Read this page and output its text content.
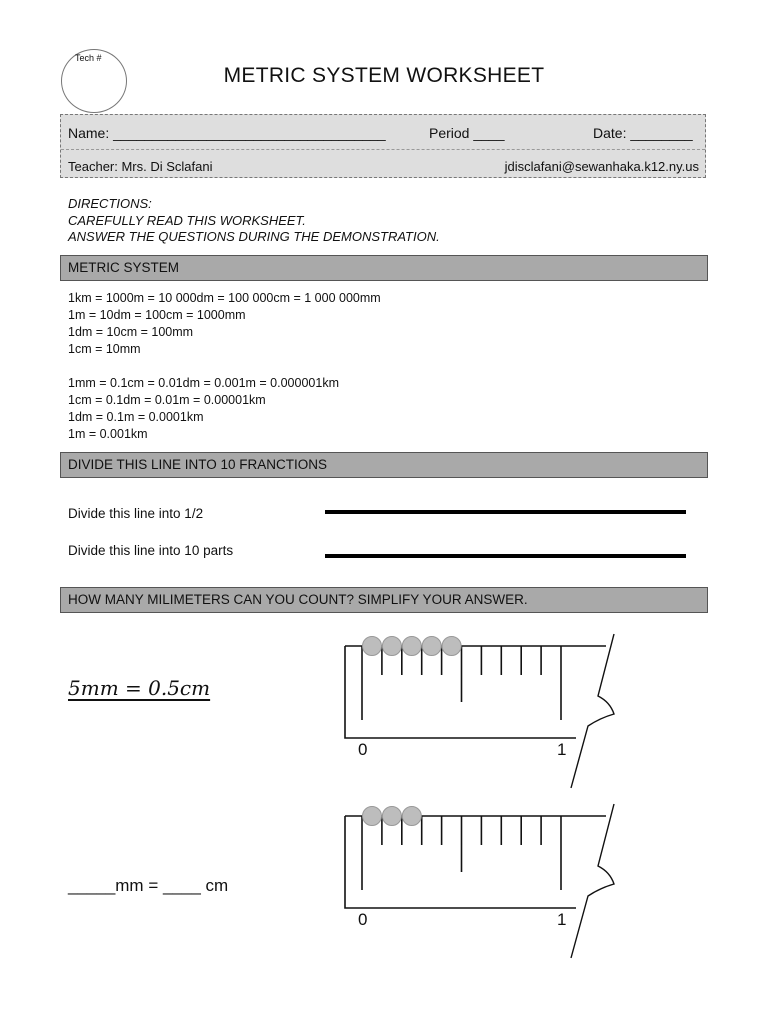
Tech #
METRIC SYSTEM WORKSHEET
Name: ___________________________________	Period ____	Date: ________
Teacher: Mrs. Di Sclafani	jdisclafani@sewanhaka.k12.ny.us
DIRECTIONS:
CAREFULLY READ THIS WORKSHEET.
ANSWER THE QUESTIONS DURING THE DEMONSTRATION.
METRIC SYSTEM
1km = 1000m = 10 000dm = 100 000cm = 1 000 000mm
1m = 10dm = 100cm = 1000mm
1dm = 10cm = 100mm
1cm = 10mm
1mm = 0.1cm = 0.01dm = 0.001m = 0.000001km
1cm = 0.1dm = 0.01m = 0.00001km
1dm = 0.1m = 0.0001km
1m = 0.001km
DIVIDE THIS LINE INTO 10 FRANCTIONS
Divide this line into 1/2
Divide this line into 10 parts
HOW MANY MILIMETERS CAN YOU COUNT? SIMPLIFY YOUR ANSWER.
5mm = 0.5cm
_____mm = ____ cm
0	1
0	1
